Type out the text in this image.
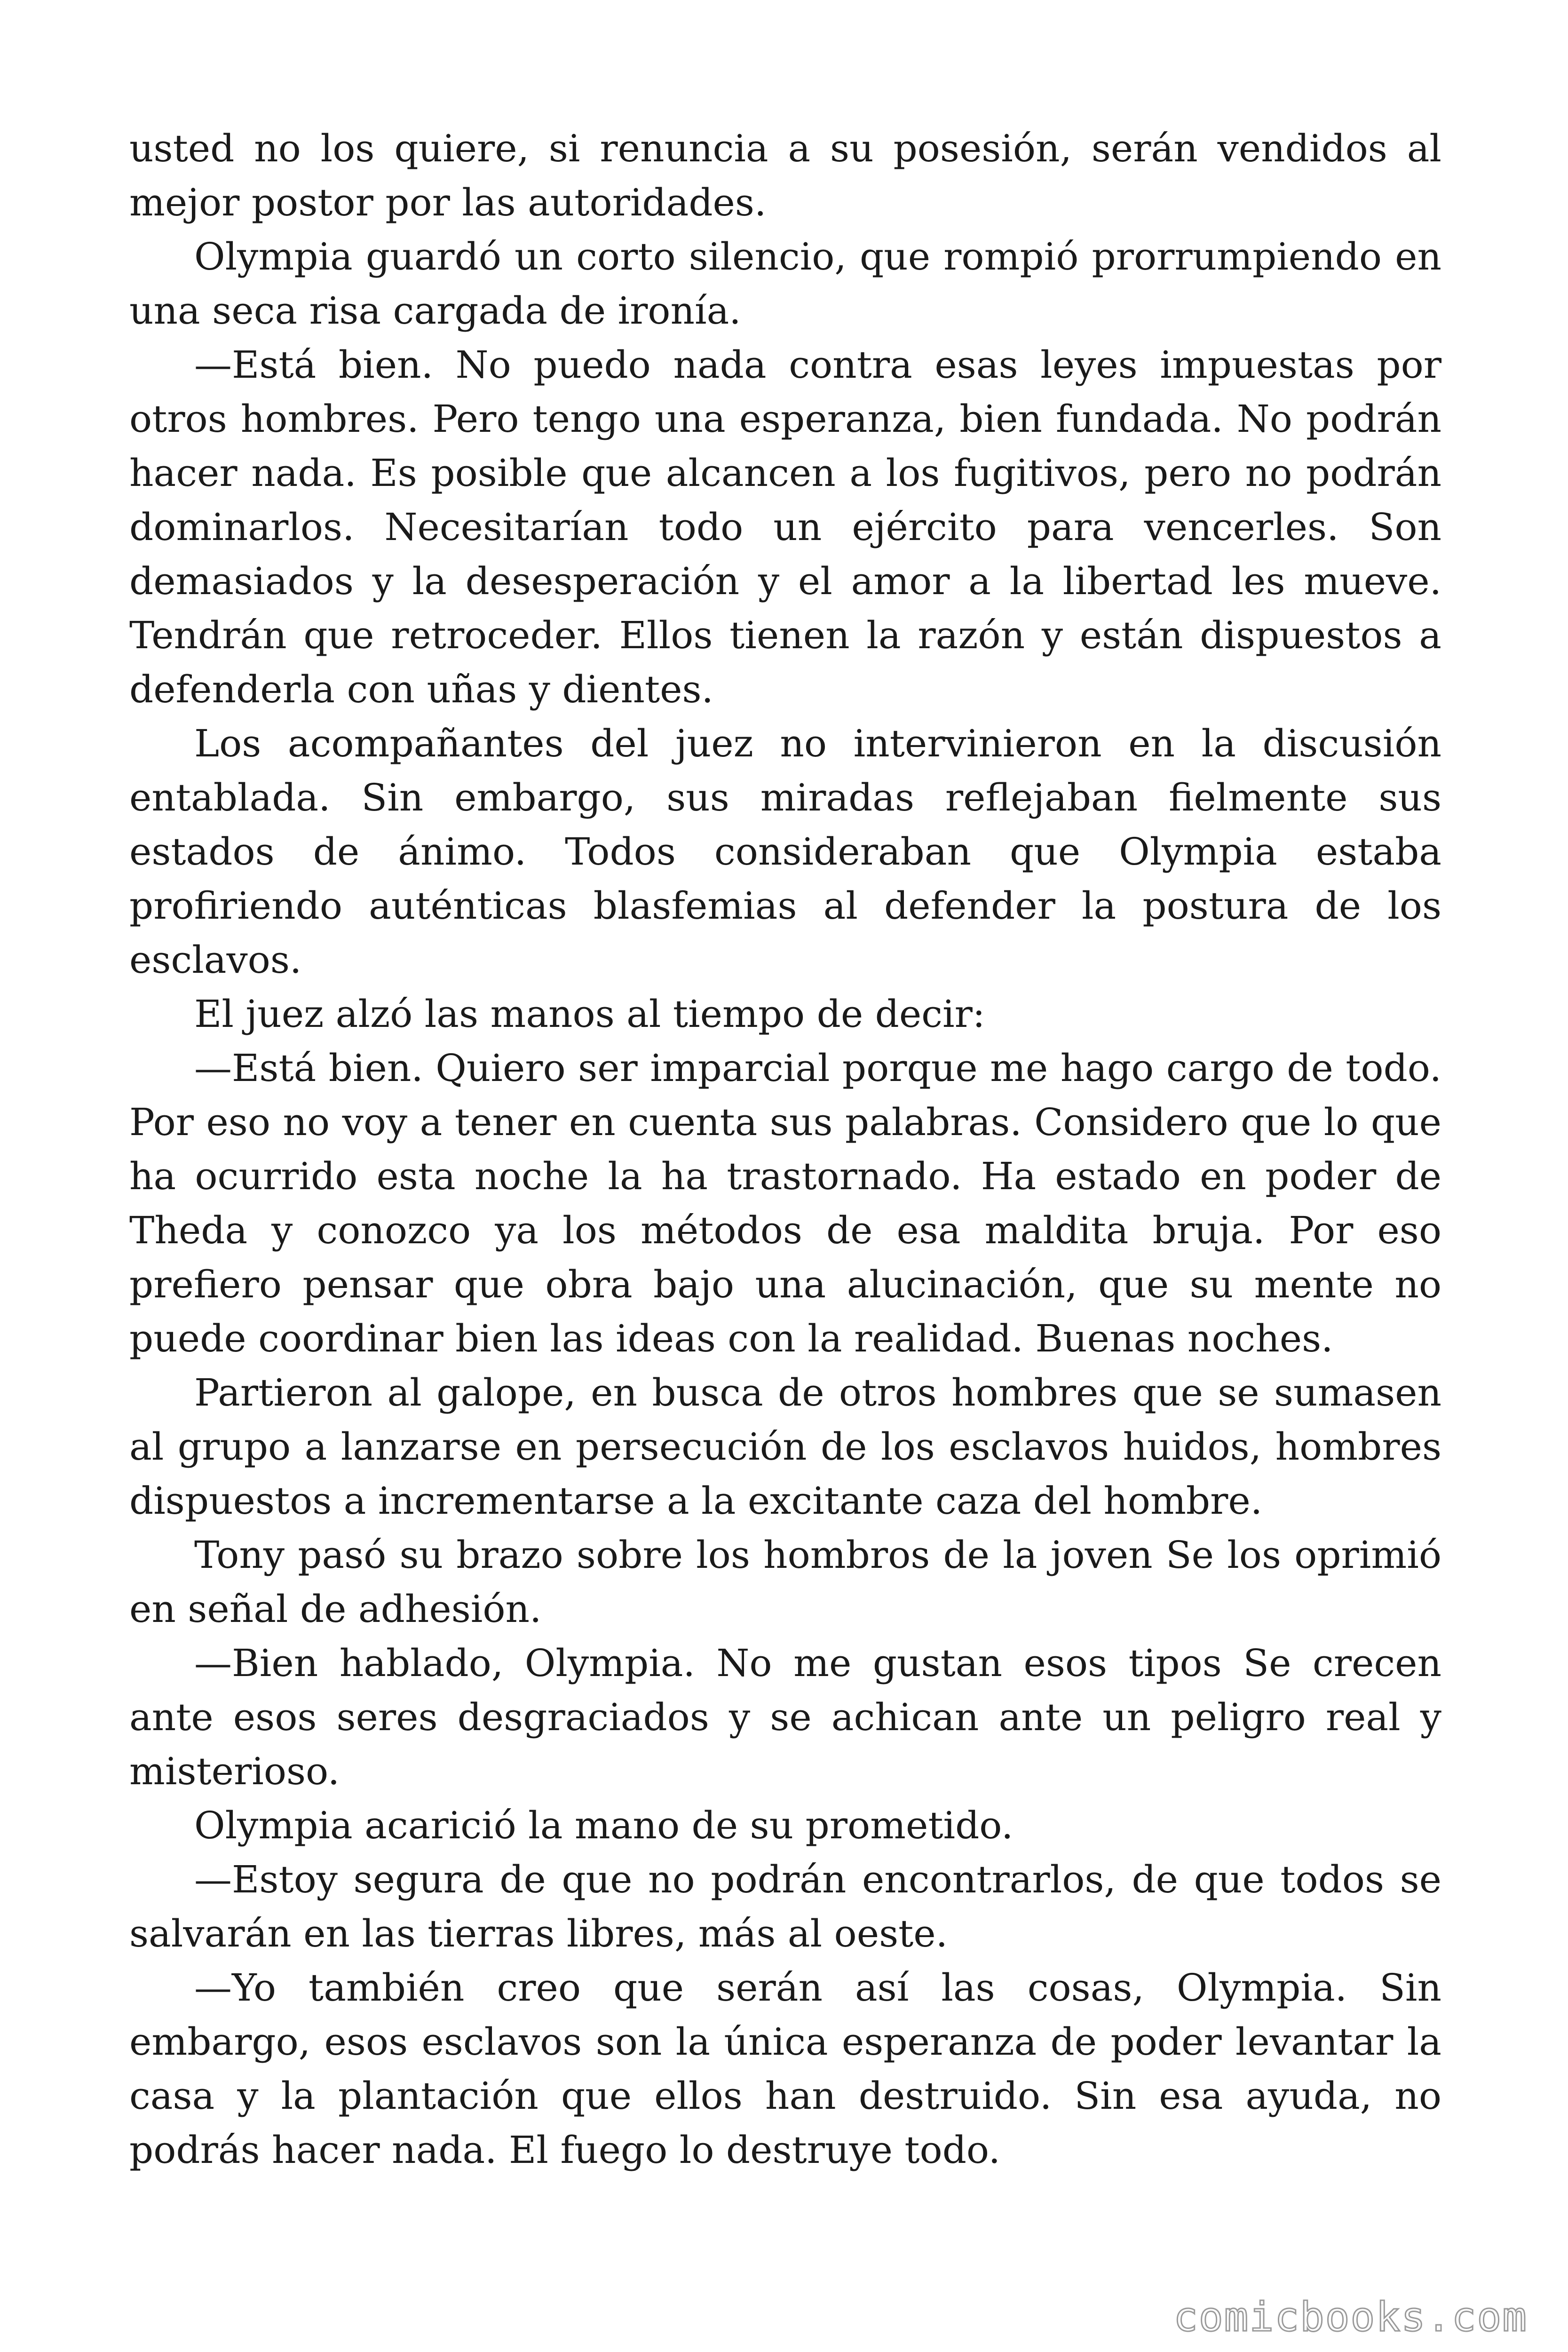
usted no los quiere, si renuncia a su posesión, serán vendidos al mejor postor por las autoridades.

Olympia guardó un corto silencio, que rompió prorrumpiendo en una seca risa cargada de ironía.

—Está bien. No puedo nada contra esas leyes impuestas por otros hombres. Pero tengo una esperanza, bien fundada. No podrán hacer nada. Es posible que alcancen a los fugitivos, pero no podrán dominarlos. Necesitarían todo un ejército para vencerles. Son demasiados y la desesperación y el amor a la libertad les mueve. Tendrán que retroceder. Ellos tienen la razón y están dispuestos a defenderla con uñas y dientes.

Los acompañantes del juez no intervinieron en la discusión entablada. Sin embargo, sus miradas reflejaban fielmente sus estados de ánimo. Todos consideraban que Olympia estaba profiriendo auténticas blasfemias al defender la postura de los esclavos.

El juez alzó las manos al tiempo de decir:

—Está bien. Quiero ser imparcial porque me hago cargo de todo. Por eso no voy a tener en cuenta sus palabras. Considero que lo que ha ocurrido esta noche la ha trastornado. Ha estado en poder de Theda y conozco ya los métodos de esa maldita bruja. Por eso prefiero pensar que obra bajo una alucinación, que su mente no puede coordinar bien las ideas con la realidad. Buenas noches.

Partieron al galope, en busca de otros hombres que se sumasen al grupo a lanzarse en persecución de los esclavos huidos, hombres dispuestos a incrementarse a la excitante caza del hombre.

Tony pasó su brazo sobre los hombros de la joven Se los oprimió en señal de adhesión.

—Bien hablado, Olympia. No me gustan esos tipos Se crecen ante esos seres desgraciados y se achican ante un peligro real y misterioso.

Olympia acarició la mano de su prometido.

—Estoy segura de que no podrán encontrarlos, de que todos se salvarán en las tierras libres, más al oeste.

—Yo también creo que serán así las cosas, Olympia. Sin embargo, esos esclavos son la única esperanza de poder levantar la casa y la plantación que ellos han destruido. Sin esa ayuda, no podrás hacer nada. El fuego lo destruye todo.

comicbooks.com
